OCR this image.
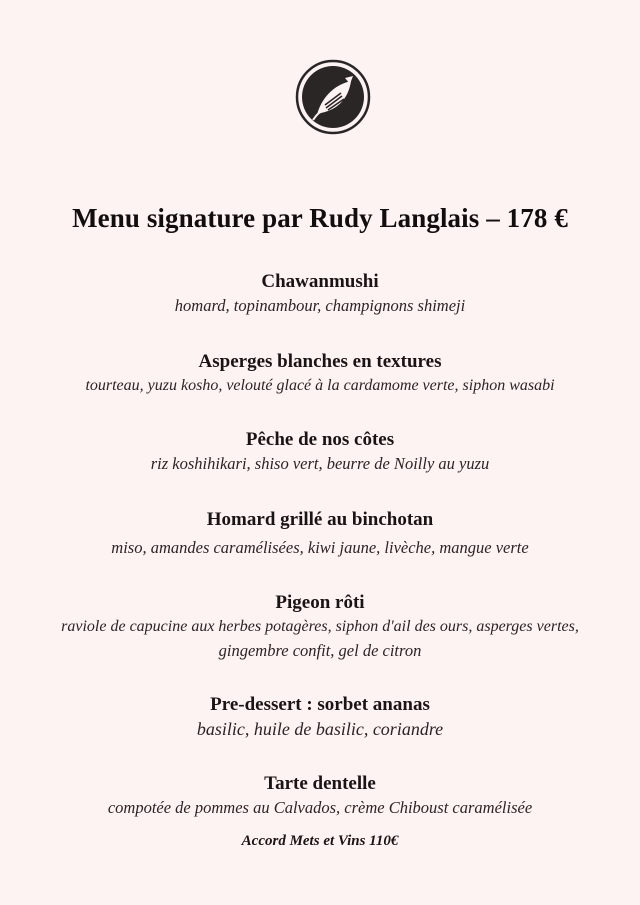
Menu signature par Rudy Langlais – 178 €
Chawanmushi
homard, topinambour, champignons shimeji
Asperges blanches en textures
tourteau, yuzu kosho, velouté glacé à la cardamome verte, siphon wasabi
Pêche de nos côtes
riz koshihikari, shiso vert, beurre de Noilly au yuzu
Homard grillé au binchotan
miso, amandes caramélisées, kiwi jaune, livèche, mangue verte
Pigeon rôti
raviole de capucine aux herbes potagères, siphon d'ail des ours, asperges vertes,
gingembre confit, gel de citron
Pre-dessert : sorbet ananas
basilic, huile de basilic, coriandre
Tarte dentelle
compotée de pommes au Calvados, crème Chiboust caramélisée
Accord Mets et Vins 110€
